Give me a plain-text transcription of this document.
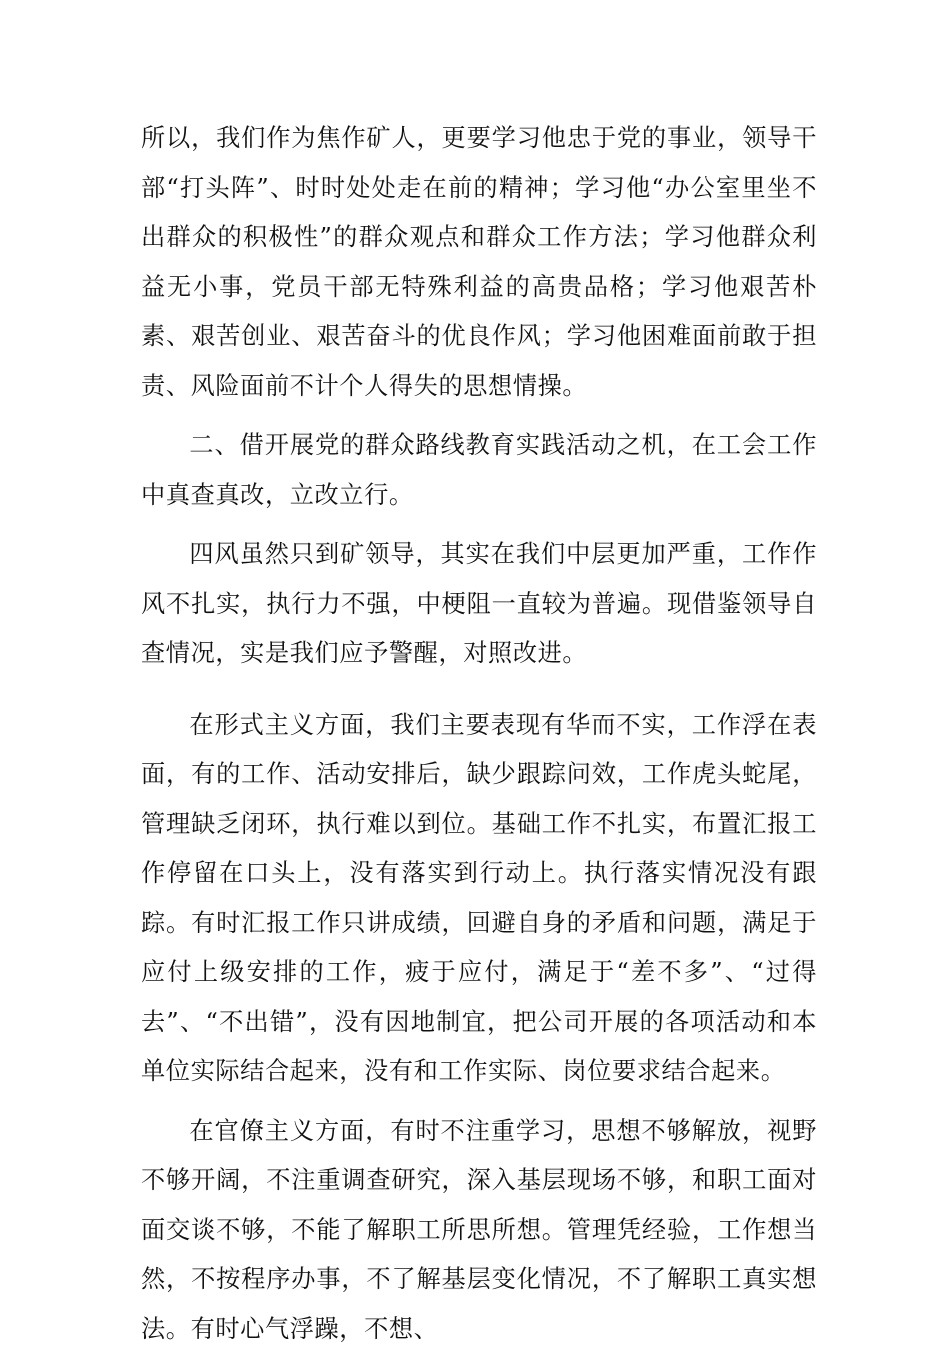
所以，我们作为焦作矿人，更要学习他忠于党的事业，领导干部“打头阵”、时时处处走在前的精神；学习他“办公室里坐不出群众的积极性”的群众观点和群众工作方法；学习他群众利益无小事，党员干部无特殊利益的高贵品格；学习他艰苦朴素、艰苦创业、艰苦奋斗的优良作风；学习他困难面前敢于担责、风险面前不计个人得失的思想情操。

二、借开展党的群众路线教育实践活动之机，在工会工作中真查真改，立改立行。

四风虽然只到矿领导，其实在我们中层更加严重，工作作风不扎实，执行力不强，中梗阻一直较为普遍。现借鉴领导自查情况，实是我们应予警醒，对照改进。

在形式主义方面，我们主要表现有华而不实，工作浮在表面，有的工作、活动安排后，缺少跟踪问效，工作虎头蛇尾，管理缺乏闭环，执行难以到位。基础工作不扎实，布置汇报工作停留在口头上，没有落实到行动上。执行落实情况没有跟踪。有时汇报工作只讲成绩，回避自身的矛盾和问题，满足于应付上级安排的工作，疲于应付，满足于“差不多”、“过得去”、“不出错”，没有因地制宜，把公司开展的各项活动和本单位实际结合起来，没有和工作实际、岗位要求结合起来。

在官僚主义方面，有时不注重学习，思想不够解放，视野不够开阔，不注重调查研究，深入基层现场不够，和职工面对面交谈不够，不能了解职工所思所想。管理凭经验，工作想当然，不按程序办事，不了解基层变化情况，不了解职工真实想法。有时心气浮躁，不想、
